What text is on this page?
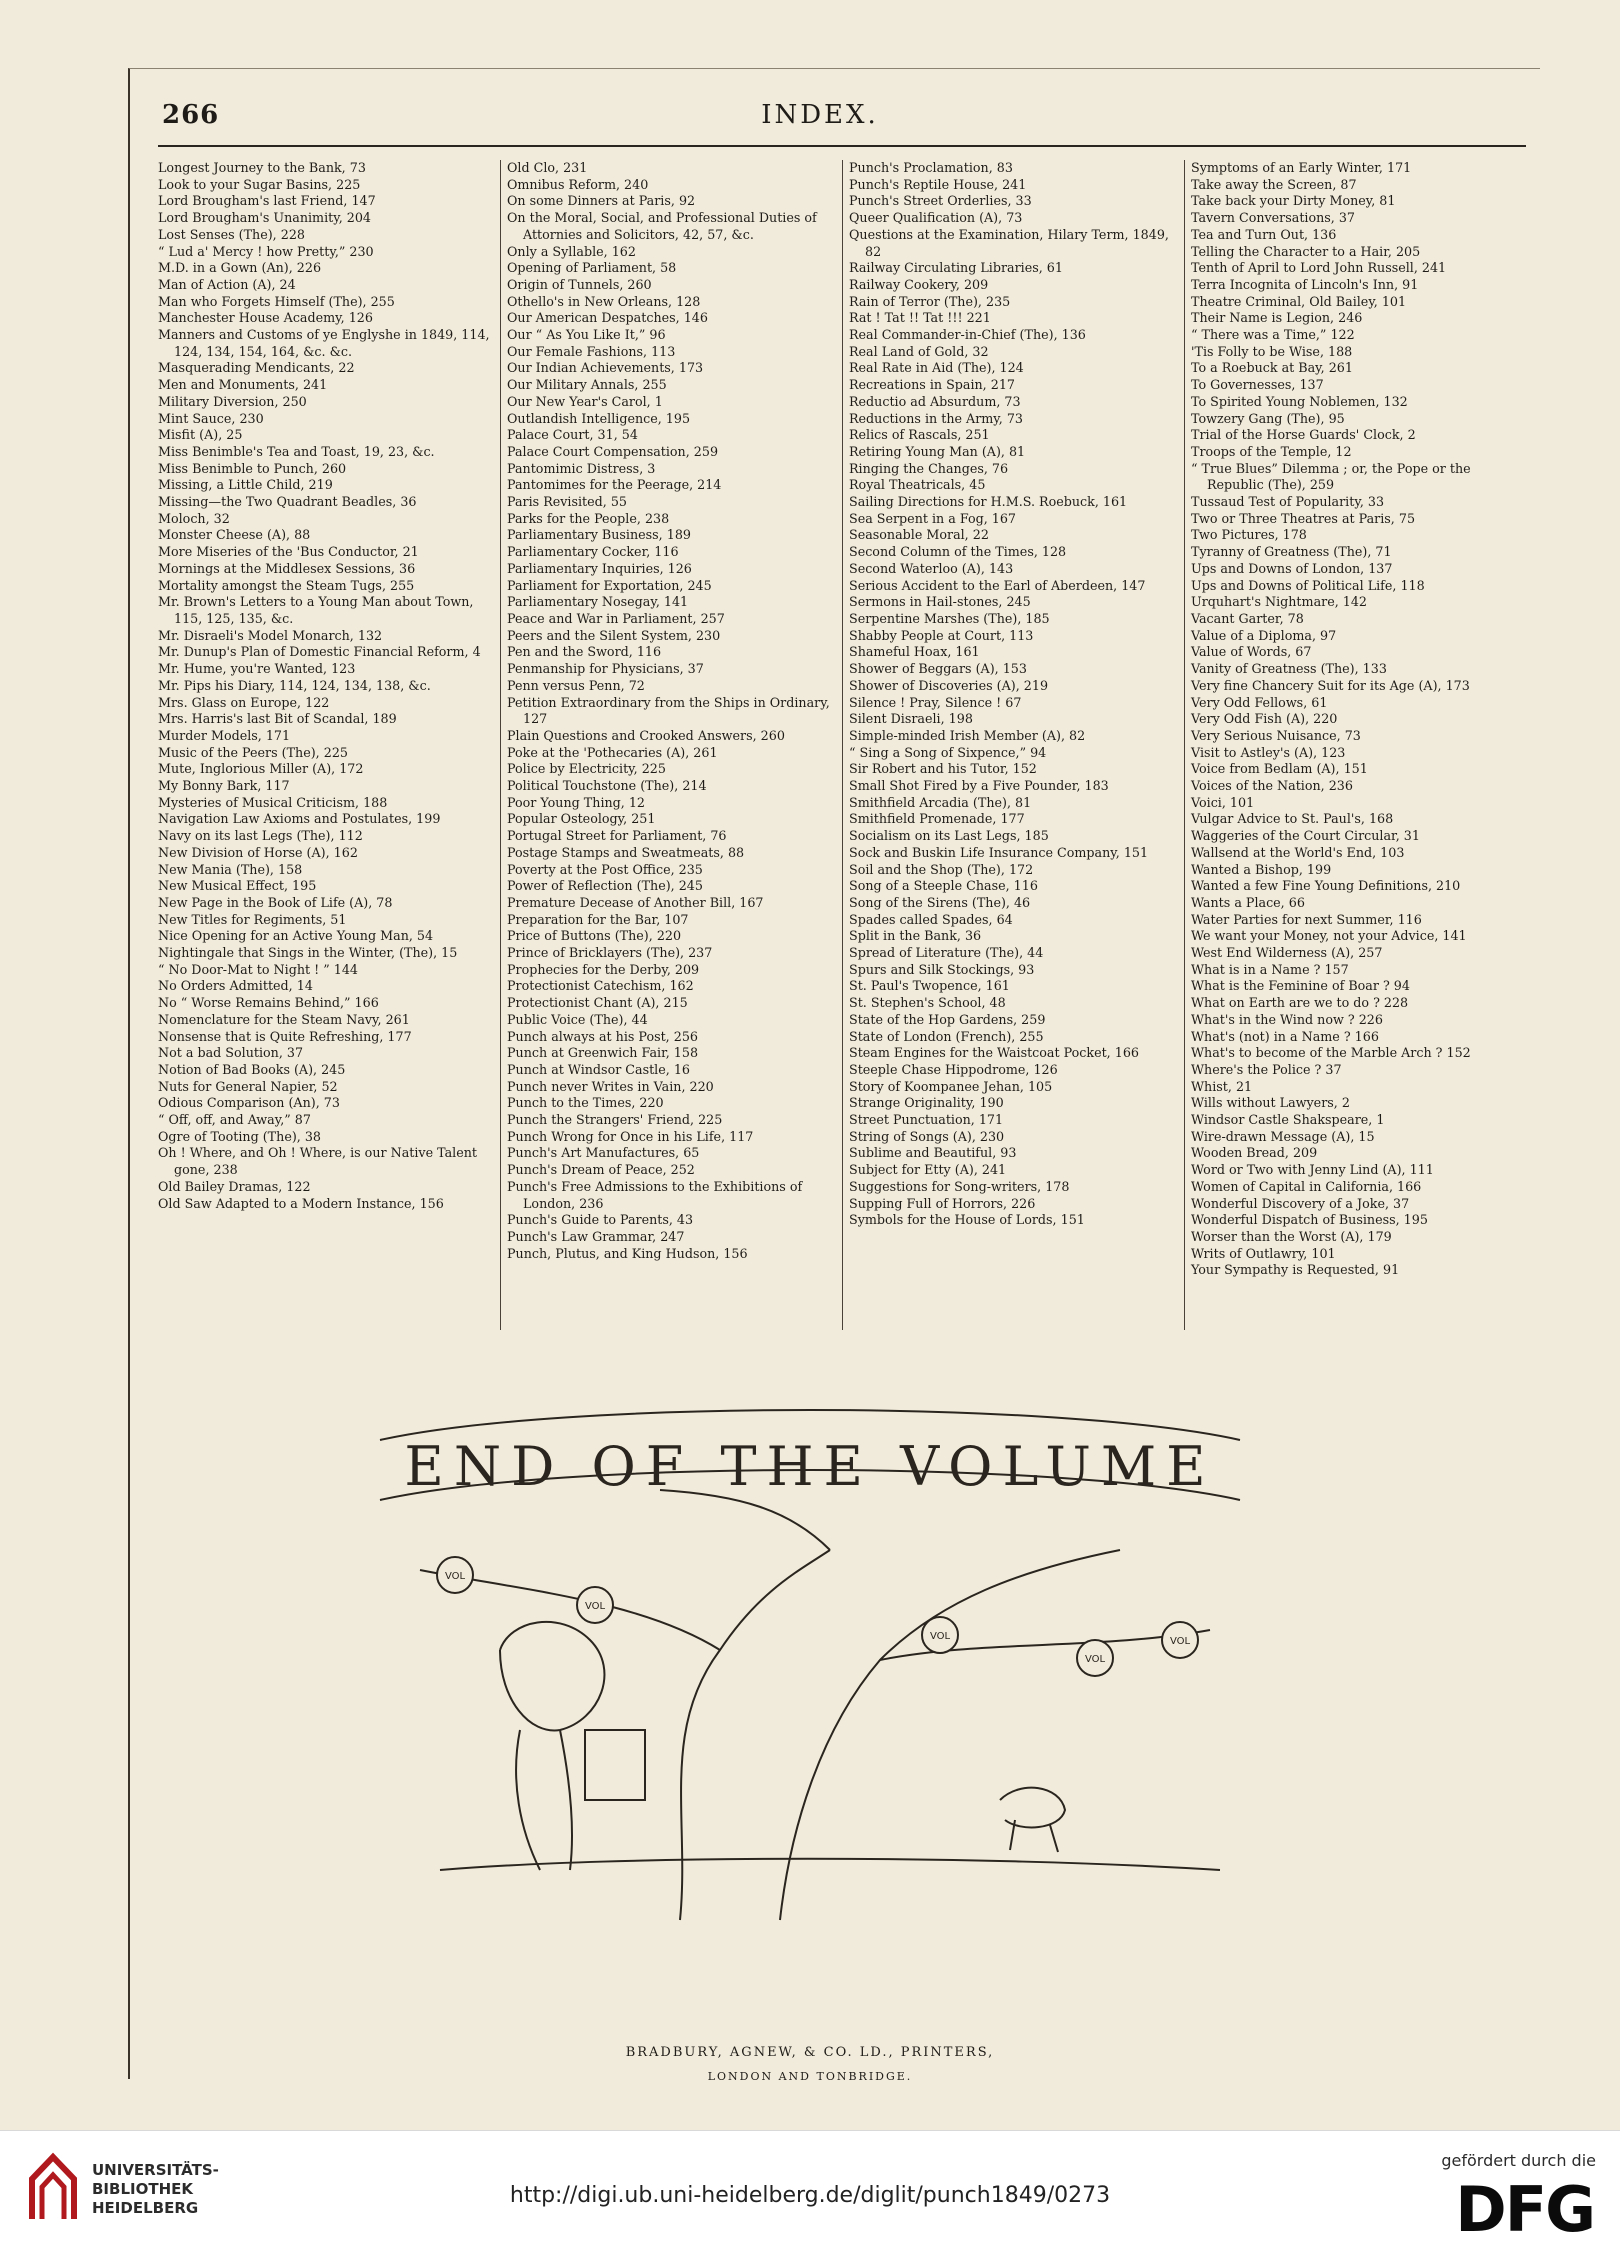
266	INDEX.

Longest Journey to the Bank, 73

Look to your Sugar Basins, 225

Lord Brougham's last Friend, 147

Lord Brougham's Unanimity, 204

Lost Senses (The), 228

“ Lud a' Mercy ! how Pretty,” 230

M.D. in a Gown (An), 226

Man of Action (A), 24

Man who Forgets Himself (The), 255

Manchester House Academy, 126

Manners and Customs of ye Englyshe in 1849, 114, 124, 134, 154, 164, &c. &c.

Masquerading Mendicants, 22

Men and Monuments, 241

Military Diversion, 250

Mint Sauce, 230

Misfit (A), 25

Miss Benimble's Tea and Toast, 19, 23, &c.

Miss Benimble to Punch, 260

Missing, a Little Child, 219

Missing—the Two Quadrant Beadles, 36

Moloch, 32

Monster Cheese (A), 88

More Miseries of the 'Bus Conductor, 21

Mornings at the Middlesex Sessions, 36

Mortality amongst the Steam Tugs, 255

Mr. Brown's Letters to a Young Man about Town, 115, 125, 135, &c.

Mr. Disraeli's Model Monarch, 132

Mr. Dunup's Plan of Domestic Financial Reform, 4

Mr. Hume, you're Wanted, 123

Mr. Pips his Diary, 114, 124, 134, 138, &c.

Mrs. Glass on Europe, 122

Mrs. Harris's last Bit of Scandal, 189

Murder Models, 171

Music of the Peers (The), 225

Mute, Inglorious Miller (A), 172

My Bonny Bark, 117

Mysteries of Musical Criticism, 188

Navigation Law Axioms and Postulates, 199

Navy on its last Legs (The), 112

New Division of Horse (A), 162

New Mania (The), 158

New Musical Effect, 195

New Page in the Book of Life (A), 78

New Titles for Regiments, 51

Nice Opening for an Active Young Man, 54

Nightingale that Sings in the Winter, (The), 15

“ No Door-Mat to Night ! ” 144

No Orders Admitted, 14

No “ Worse Remains Behind,” 166

Nomenclature for the Steam Navy, 261

Nonsense that is Quite Refreshing, 177

Not a bad Solution, 37

Notion of Bad Books (A), 245

Nuts for General Napier, 52

Odious Comparison (An), 73

“ Off, off, and Away,” 87

Ogre of Tooting (The), 38

Oh ! Where, and Oh ! Where, is our Native Talent gone, 238

Old Bailey Dramas, 122

Old Saw Adapted to a Modern Instance, 156

Old Clo, 231

Omnibus Reform, 240

On some Dinners at Paris, 92

On the Moral, Social, and Professional Duties of Attornies and Solicitors, 42, 57, &c.

Only a Syllable, 162

Opening of Parliament, 58

Origin of Tunnels, 260

Othello's in New Orleans, 128

Our American Despatches, 146

Our “ As You Like It,” 96

Our Female Fashions, 113

Our Indian Achievements, 173

Our Military Annals, 255

Our New Year's Carol, 1

Outlandish Intelligence, 195

Palace Court, 31, 54

Palace Court Compensation, 259

Pantomimic Distress, 3

Pantomimes for the Peerage, 214

Paris Revisited, 55

Parks for the People, 238

Parliamentary Business, 189

Parliamentary Cocker, 116

Parliamentary Inquiries, 126

Parliament for Exportation, 245

Parliamentary Nosegay, 141

Peace and War in Parliament, 257

Peers and the Silent System, 230

Pen and the Sword, 116

Penmanship for Physicians, 37

Penn versus Penn, 72

Petition Extraordinary from the Ships in Ordinary, 127

Plain Questions and Crooked Answers, 260

Poke at the 'Pothecaries (A), 261

Police by Electricity, 225

Political Touchstone (The), 214

Poor Young Thing, 12

Popular Osteology, 251

Portugal Street for Parliament, 76

Postage Stamps and Sweatmeats, 88

Poverty at the Post Office, 235

Power of Reflection (The), 245

Premature Decease of Another Bill, 167

Preparation for the Bar, 107

Price of Buttons (The), 220

Prince of Bricklayers (The), 237

Prophecies for the Derby, 209

Protectionist Catechism, 162

Protectionist Chant (A), 215

Public Voice (The), 44

Punch always at his Post, 256

Punch at Greenwich Fair, 158

Punch at Windsor Castle, 16

Punch never Writes in Vain, 220

Punch to the Times, 220

Punch the Strangers' Friend, 225

Punch Wrong for Once in his Life, 117

Punch's Art Manufactures, 65

Punch's Dream of Peace, 252

Punch's Free Admissions to the Exhibitions of London, 236

Punch's Guide to Parents, 43

Punch's Law Grammar, 247

Punch, Plutus, and King Hudson, 156

Punch's Proclamation, 83

Punch's Reptile House, 241

Punch's Street Orderlies, 33

Queer Qualification (A), 73

Questions at the Examination, Hilary Term, 1849, 82

Railway Circulating Libraries, 61

Railway Cookery, 209

Rain of Terror (The), 235

Rat ! Tat !! Tat !!! 221

Real Commander-in-Chief (The), 136

Real Land of Gold, 32

Real Rate in Aid (The), 124

Recreations in Spain, 217

Reductio ad Absurdum, 73

Reductions in the Army, 73

Relics of Rascals, 251

Retiring Young Man (A), 81

Ringing the Changes, 76

Royal Theatricals, 45

Sailing Directions for H.M.S. Roebuck, 161

Sea Serpent in a Fog, 167

Seasonable Moral, 22

Second Column of the Times, 128

Second Waterloo (A), 143

Serious Accident to the Earl of Aberdeen, 147

Sermons in Hail-stones, 245

Serpentine Marshes (The), 185

Shabby People at Court, 113

Shameful Hoax, 161

Shower of Beggars (A), 153

Shower of Discoveries (A), 219

Silence ! Pray, Silence ! 67

Silent Disraeli, 198

Simple-minded Irish Member (A), 82

“ Sing a Song of Sixpence,” 94

Sir Robert and his Tutor, 152

Small Shot Fired by a Five Pounder, 183

Smithfield Arcadia (The), 81

Smithfield Promenade, 177

Socialism on its Last Legs, 185

Sock and Buskin Life Insurance Company, 151

Soil and the Shop (The), 172

Song of a Steeple Chase, 116

Song of the Sirens (The), 46

Spades called Spades, 64

Split in the Bank, 36

Spread of Literature (The), 44

Spurs and Silk Stockings, 93

St. Paul's Twopence, 161

St. Stephen's School, 48

State of the Hop Gardens, 259

State of London (French), 255

Steam Engines for the Waistcoat Pocket, 166

Steeple Chase Hippodrome, 126

Story of Koompanee Jehan, 105

Strange Originality, 190

Street Punctuation, 171

String of Songs (A), 230

Sublime and Beautiful, 93

Subject for Etty (A), 241

Suggestions for Song-writers, 178

Supping Full of Horrors, 226

Symbols for the House of Lords, 151

Symptoms of an Early Winter, 171

Take away the Screen, 87

Take back your Dirty Money, 81

Tavern Conversations, 37

Tea and Turn Out, 136

Telling the Character to a Hair, 205

Tenth of April to Lord John Russell, 241

Terra Incognita of Lincoln's Inn, 91

Theatre Criminal, Old Bailey, 101

Their Name is Legion, 246

“ There was a Time,” 122

'Tis Folly to be Wise, 188

To a Roebuck at Bay, 261

To Governesses, 137

To Spirited Young Noblemen, 132

Towzery Gang (The), 95

Trial of the Horse Guards' Clock, 2

Troops of the Temple, 12

“ True Blues” Dilemma ; or, the Pope or the Republic (The), 259

Tussaud Test of Popularity, 33

Two or Three Theatres at Paris, 75

Two Pictures, 178

Tyranny of Greatness (The), 71

Ups and Downs of London, 137

Ups and Downs of Political Life, 118

Urquhart's Nightmare, 142

Vacant Garter, 78

Value of a Diploma, 97

Value of Words, 67

Vanity of Greatness (The), 133

Very fine Chancery Suit for its Age (A), 173

Very Odd Fellows, 61

Very Odd Fish (A), 220

Very Serious Nuisance, 73

Visit to Astley's (A), 123

Voice from Bedlam (A), 151

Voices of the Nation, 236

Voici, 101

Vulgar Advice to St. Paul's, 168

Waggeries of the Court Circular, 31

Wallsend at the World's End, 103

Wanted a Bishop, 199

Wanted a few Fine Young Definitions, 210

Wants a Place, 66

Water Parties for next Summer, 116

We want your Money, not your Advice, 141

West End Wilderness (A), 257

What is in a Name ? 157

What is the Feminine of Boar ? 94

What on Earth are we to do ? 228

What's in the Wind now ? 226

What's (not) in a Name ? 166

What's to become of the Marble Arch ? 152

Where's the Police ? 37

Whist, 21

Wills without Lawyers, 2

Windsor Castle Shakspeare, 1

Wire-drawn Message (A), 15

Wooden Bread, 209

Word or Two with Jenny Lind (A), 111

Women of Capital in California, 166

Wonderful Discovery of a Joke, 37

Wonderful Dispatch of Business, 195

Worser than the Worst (A), 179

Writs of Outlawry, 101

Your Sympathy is Requested, 91

END OF THE VOLUME
VOL
VOL
VOL
VOL
VOL
BRADBURY, AGNEW, & CO. LD., PRINTERS,
LONDON AND TONBRIDGE.
UNIVERSITÄTS-
BIBLIOTHEK
HEIDELBERG	http://digi.ub.uni-heidelberg.de/diglit/punch1849/0273
gefördert durch die
DFG
